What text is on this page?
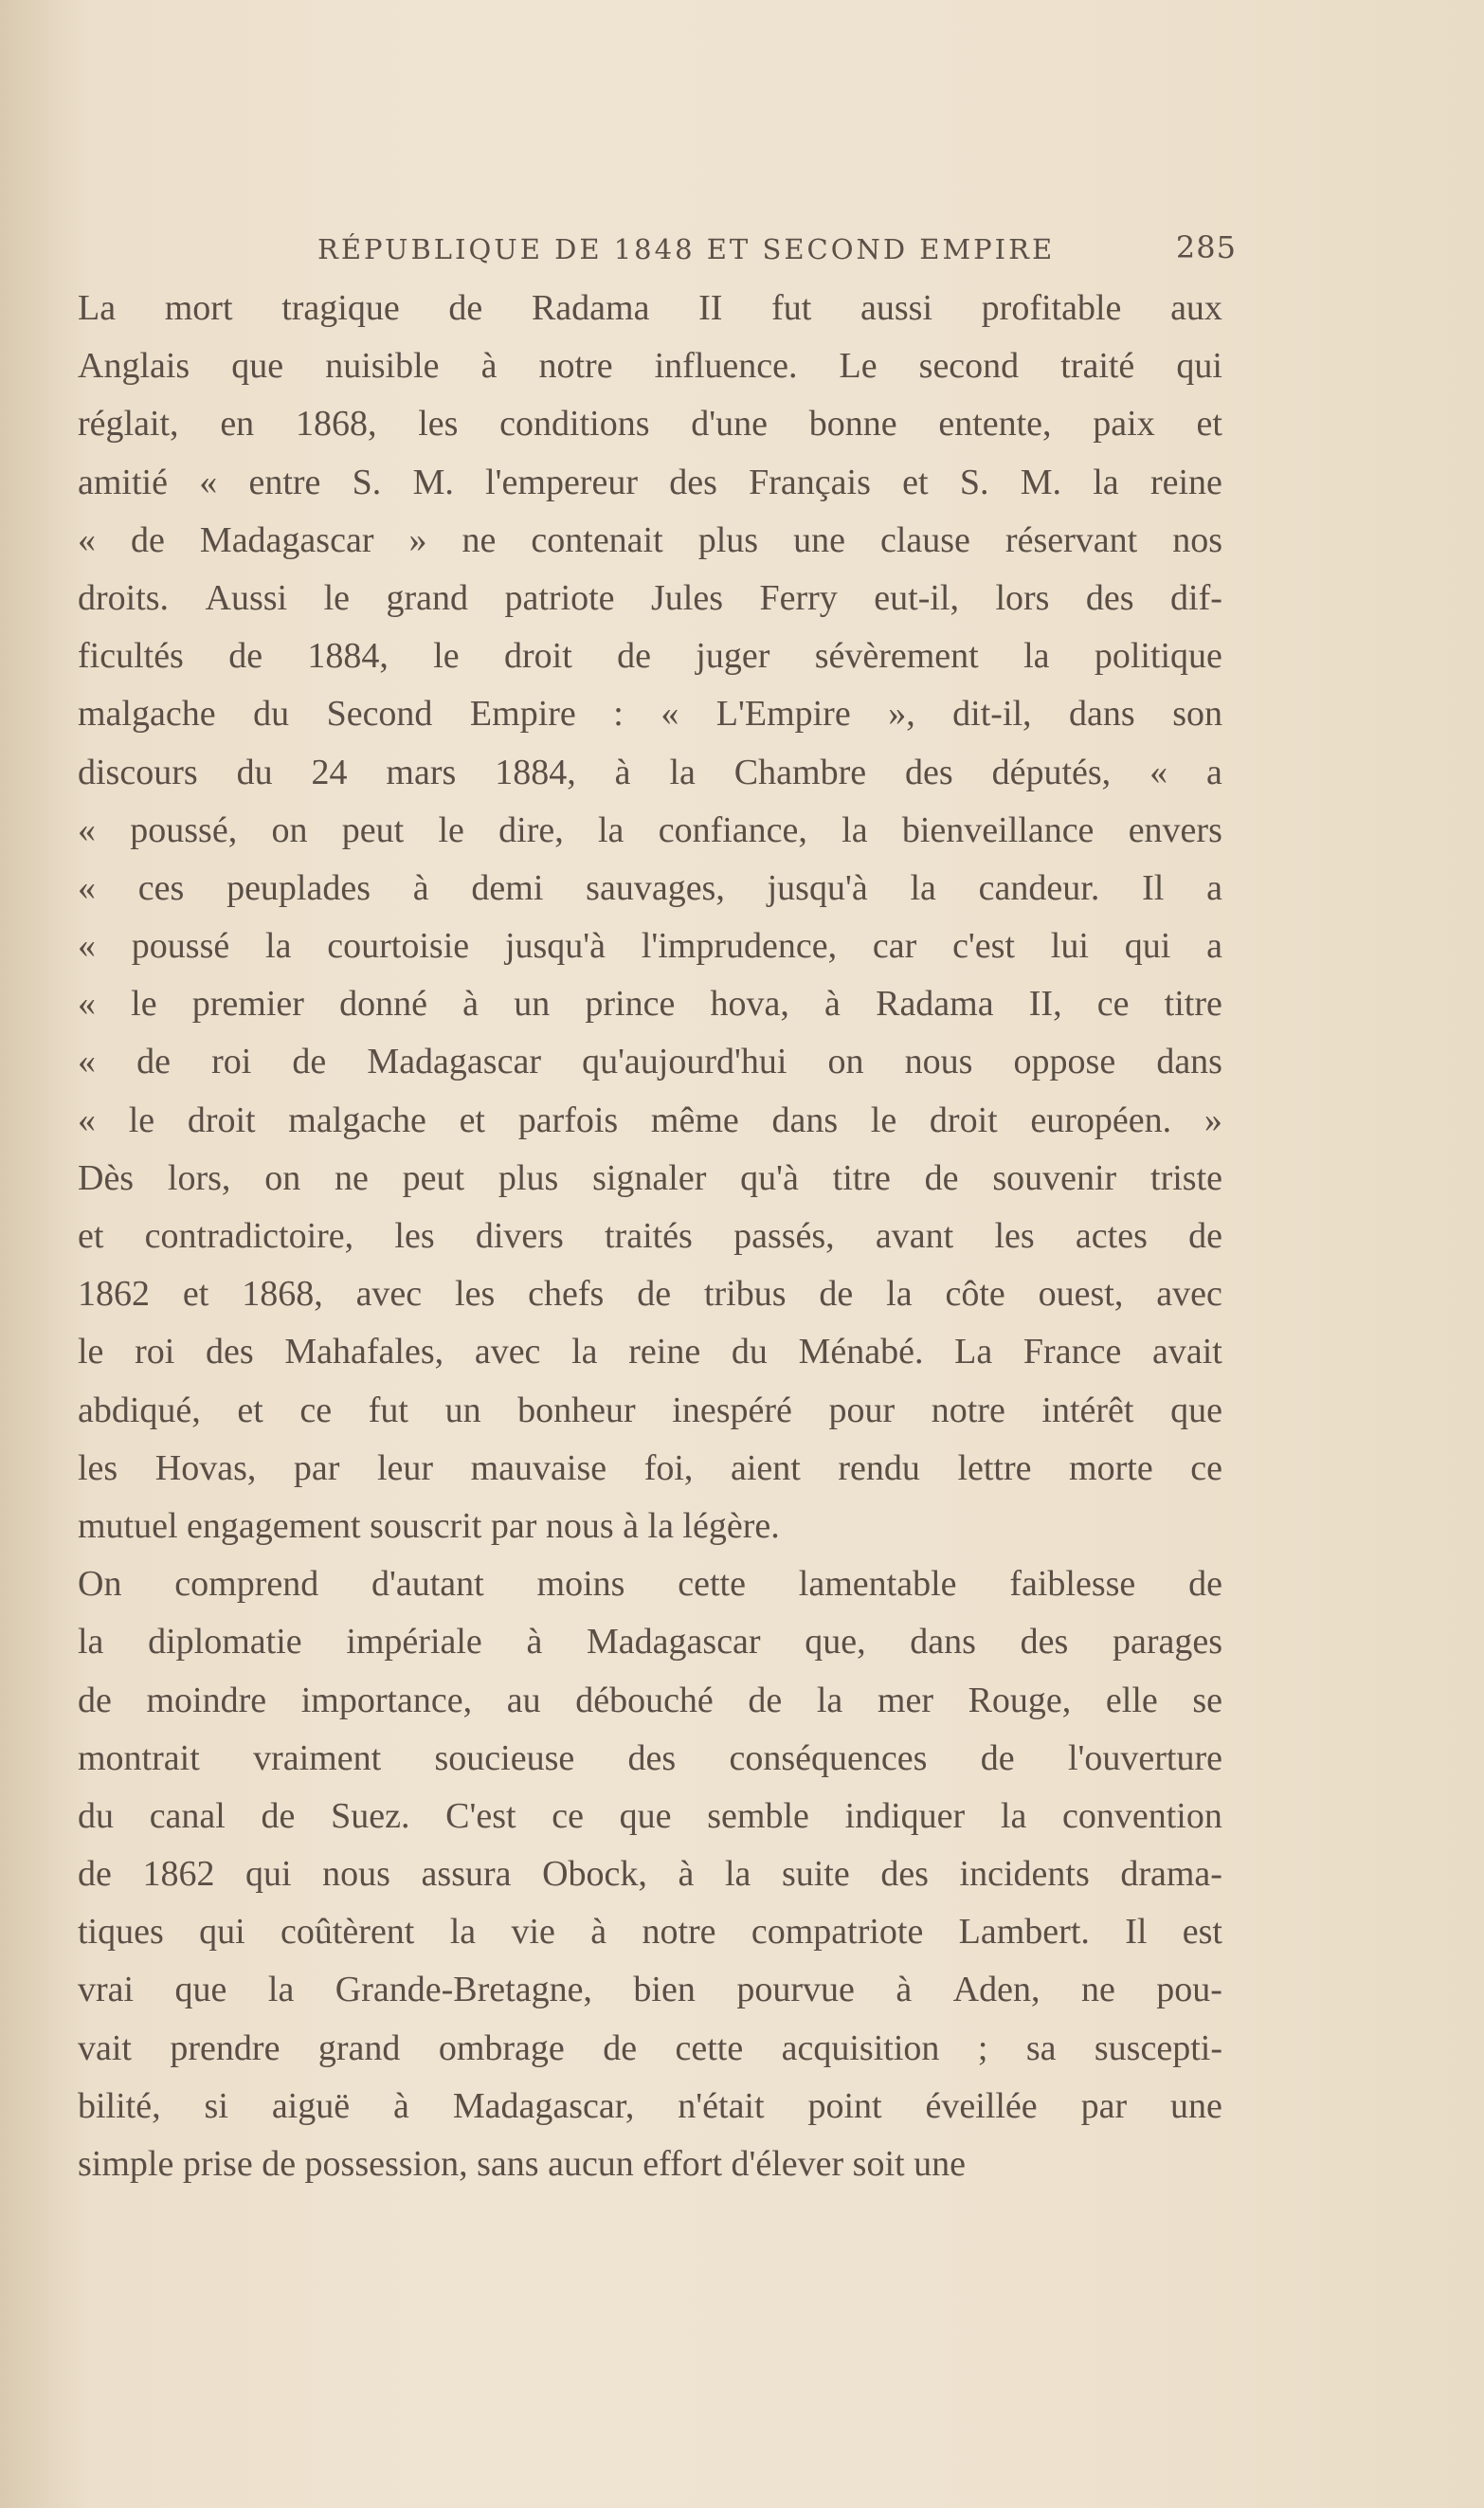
RÉPUBLIQUE DE 1848 ET SECOND EMPIRE	285
La mort tragique de Radama II fut aussi profitable aux
Anglais que nuisible à notre influence. Le second traité qui
réglait, en 1868, les conditions d'une bonne entente, paix et
amitié « entre S. M. l'empereur des Français et S. M. la reine
« de Madagascar » ne contenait plus une clause réservant nos
droits. Aussi le grand patriote Jules Ferry eut-il, lors des dif-
ficultés de 1884, le droit de juger sévèrement la politique
malgache du Second Empire : « L'Empire », dit-il, dans son
discours du 24 mars 1884, à la Chambre des députés, « a
« poussé, on peut le dire, la confiance, la bienveillance envers
« ces peuplades à demi sauvages, jusqu'à la candeur. Il a
« poussé la courtoisie jusqu'à l'imprudence, car c'est lui qui a
« le premier donné à un prince hova, à Radama II, ce titre
« de roi de Madagascar qu'aujourd'hui on nous oppose dans
« le droit malgache et parfois même dans le droit européen. »
Dès lors, on ne peut plus signaler qu'à titre de souvenir triste
et contradictoire, les divers traités passés, avant les actes de
1862 et 1868, avec les chefs de tribus de la côte ouest, avec
le roi des Mahafales, avec la reine du Ménabé. La France avait
abdiqué, et ce fut un bonheur inespéré pour notre intérêt que
les Hovas, par leur mauvaise foi, aient rendu lettre morte ce
mutuel engagement souscrit par nous à la légère.
On comprend d'autant moins cette lamentable faiblesse de
la diplomatie impériale à Madagascar que, dans des parages
de moindre importance, au débouché de la mer Rouge, elle se
montrait vraiment soucieuse des conséquences de l'ouverture
du canal de Suez. C'est ce que semble indiquer la convention
de 1862 qui nous assura Obock, à la suite des incidents drama-
tiques qui coûtèrent la vie à notre compatriote Lambert. Il est
vrai que la Grande-Bretagne, bien pourvue à Aden, ne pou-
vait prendre grand ombrage de cette acquisition ; sa suscepti-
bilité, si aiguë à Madagascar, n'était point éveillée par une
simple prise de possession, sans aucun effort d'élever soit une
